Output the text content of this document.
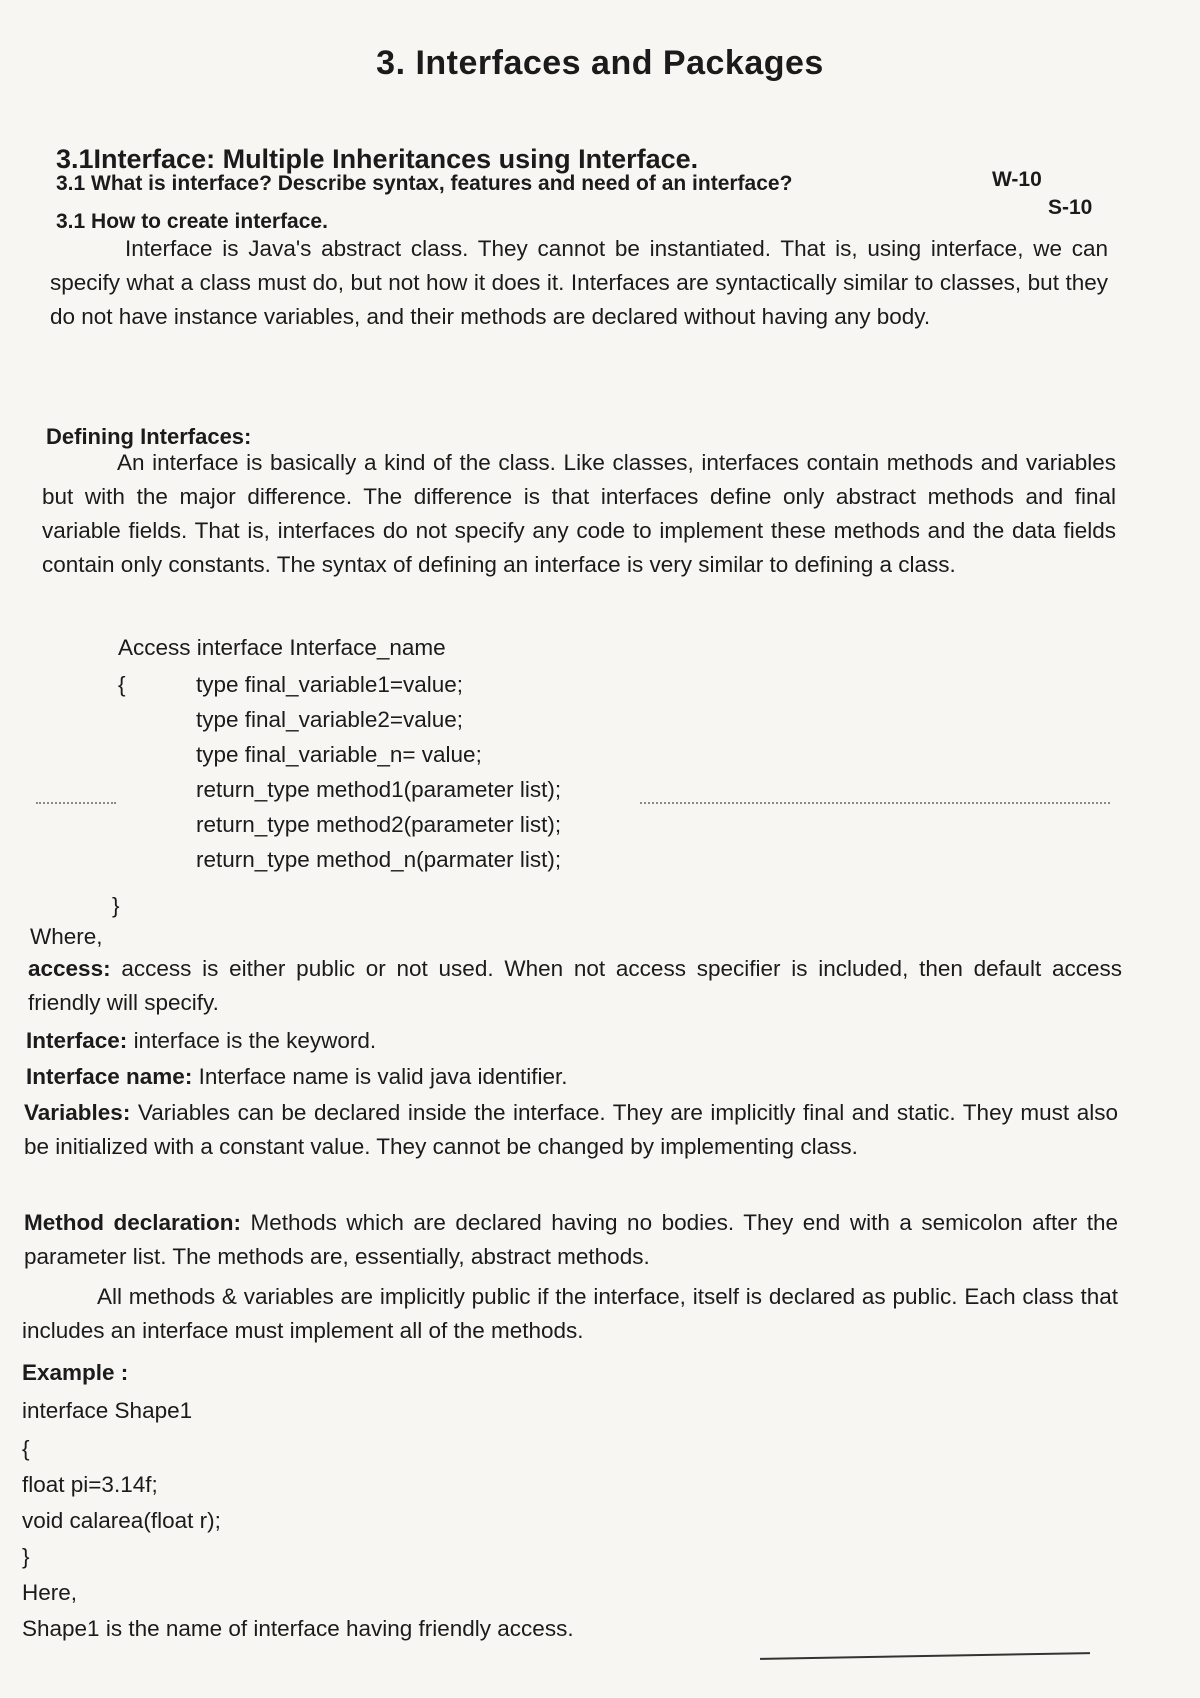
3. Interfaces and Packages
3.1Interface: Multiple Inheritances using Interface.
3.1 What is interface? Describe syntax, features and need of an interface?	W-10
3.1 How to create interface.
S-10
Interface is Java's abstract class. They cannot be instantiated. That is, using interface, we can specify what a class must do, but not how it does it. Interfaces are syntactically similar to classes, but they do not have instance variables, and their methods are declared without having any body.
Defining Interfaces:
An interface is basically a kind of the class. Like classes, interfaces contain methods and variables but with the major difference. The difference is that interfaces define only abstract methods and final variable fields. That is, interfaces do not specify any code to implement these methods and the data fields contain only constants. The syntax of defining an interface is very similar to defining a class.
Access interface Interface_name
{	type final_variable1=value;
type final_variable2=value;
type final_variable_n= value;
return_type method1(parameter list);
return_type method2(parameter list);
return_type method_n(parmater list);
}
Where,
access: access is either public or not used. When not access specifier is included, then default access friendly will specify.
Interface: interface is the keyword.
Interface name: Interface name is valid java identifier.
Variables: Variables can be declared inside the interface. They are implicitly final and static. They must also be initialized with a constant value. They cannot be changed by implementing class.
Method declaration: Methods which are declared having no bodies. They end with a semicolon after the parameter list. The methods are, essentially, abstract methods.
All methods & variables are implicitly public if the interface, itself is declared as public. Each class that includes an interface must implement all of the methods.
Example :
interface Shape1
{
float pi=3.14f;
void calarea(float r);
}
Here,
Shape1 is the name of interface having friendly access.
